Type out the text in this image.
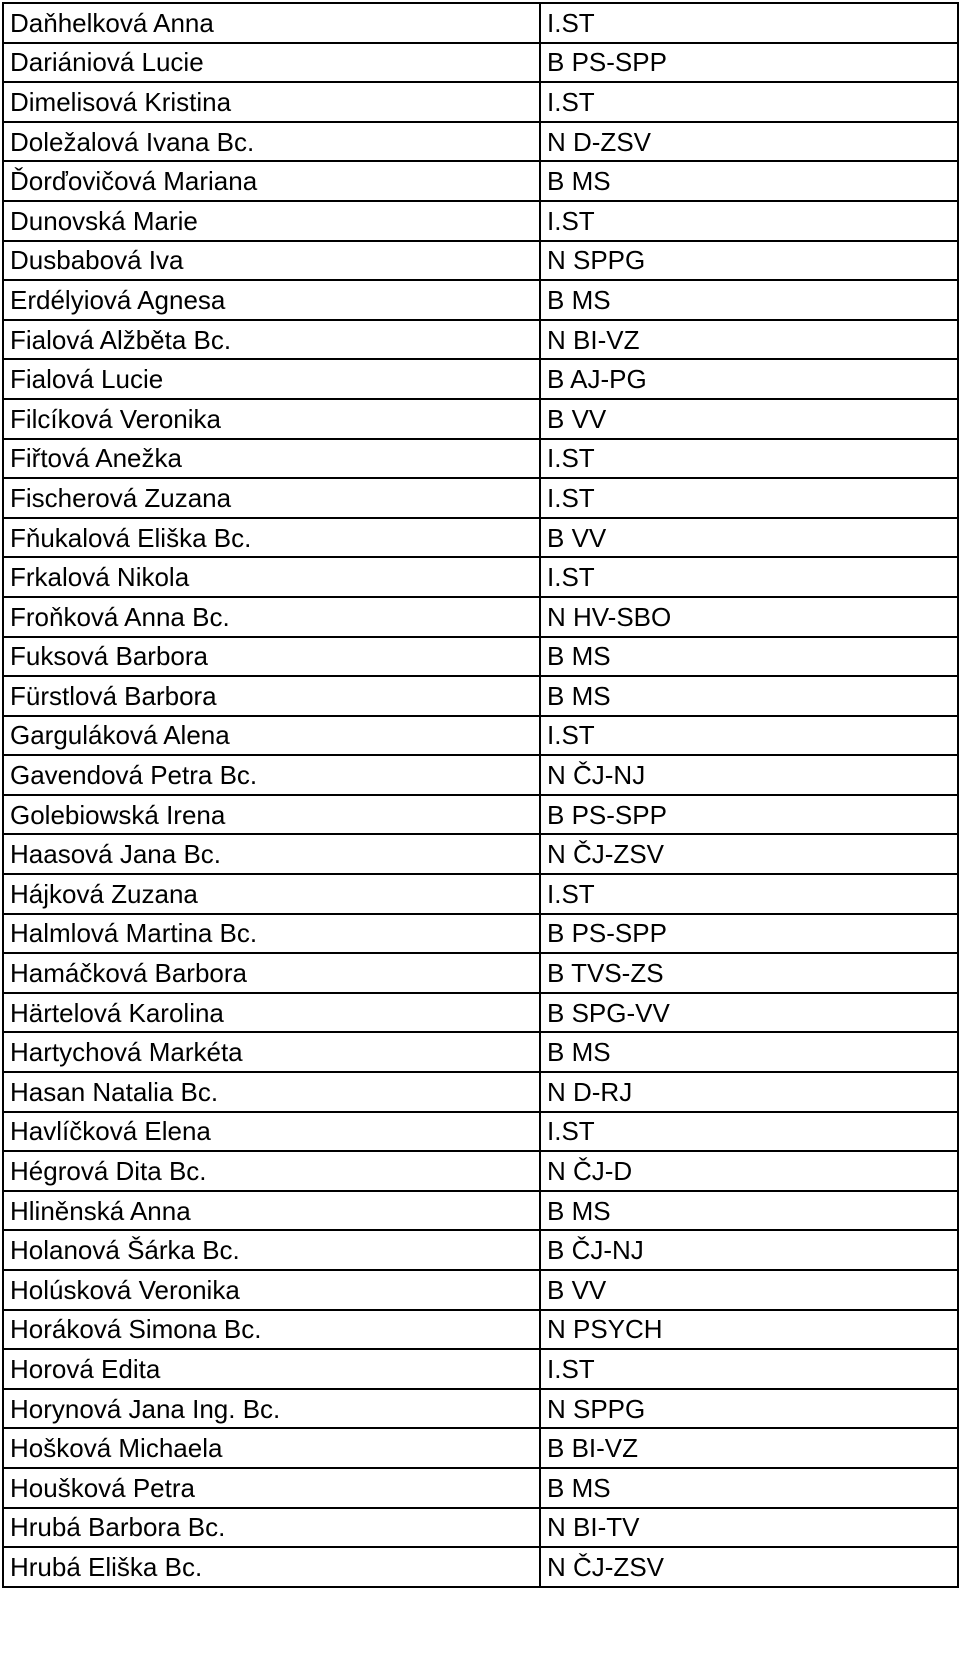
Daňhelková Anna	I.ST
Dariániová Lucie	B PS-SPP
Dimelisová Kristina	I.ST
Doležalová Ivana Bc.	N D-ZSV
Ďorďovičová Mariana	B MS
Dunovská Marie	I.ST
Dusbabová Iva	N SPPG
Erdélyiová Agnesa	B MS
Fialová Alžběta Bc.	N BI-VZ
Fialová Lucie	B AJ-PG
Filcíková Veronika	B VV
Fiřtová Anežka	I.ST
Fischerová Zuzana	I.ST
Fňukalová Eliška Bc.	B VV
Frkalová Nikola	I.ST
Froňková Anna Bc.	N HV-SBO
Fuksová Barbora	B MS
Fürstlová Barbora	B MS
Garguláková Alena	I.ST
Gavendová Petra Bc.	N ČJ-NJ
Golebiowská Irena	B PS-SPP
Haasová Jana Bc.	N ČJ-ZSV
Hájková Zuzana	I.ST
Halmlová Martina Bc.	B PS-SPP
Hamáčková Barbora	B TVS-ZS
Härtelová Karolina	B SPG-VV
Hartychová Markéta	B MS
Hasan Natalia Bc.	N D-RJ
Havlíčková Elena	I.ST
Hégrová Dita Bc.	N ČJ-D
Hliněnská Anna	B MS
Holanová Šárka Bc.	B ČJ-NJ
Holúsková Veronika	B VV
Horáková Simona Bc.	N PSYCH
Horová Edita	I.ST
Horynová Jana Ing. Bc.	N SPPG
Hošková Michaela	B BI-VZ
Houšková Petra	B MS
Hrubá Barbora Bc.	N BI-TV
Hrubá Eliška Bc.	N ČJ-ZSV
